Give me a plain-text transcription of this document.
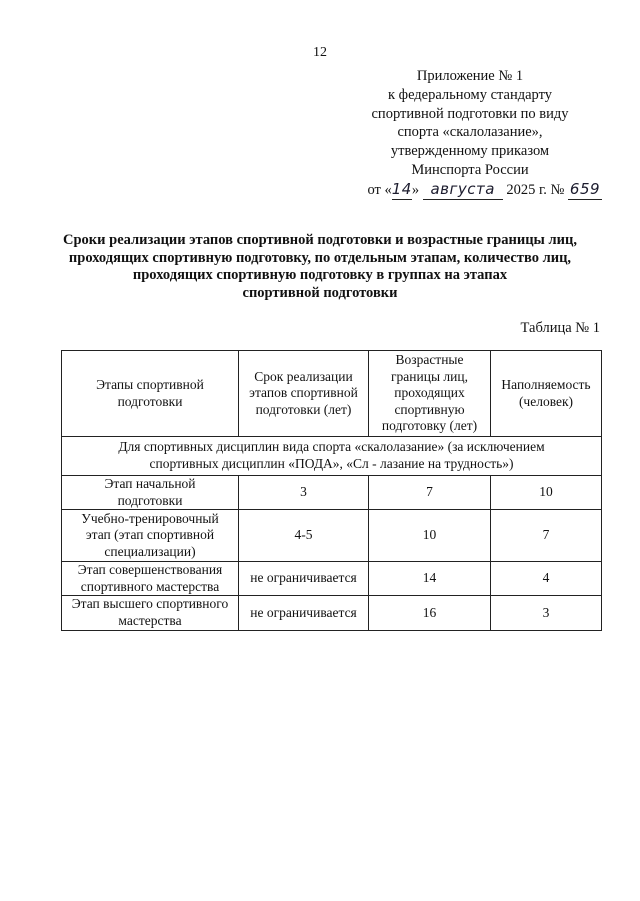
12
Приложение № 1
к федеральному стандарту
спортивной подготовки по виду
спорта «скалолазание»,
утвержденному приказом
Минспорта России
от «14» августа 2025 г. № 659
Сроки реализации этапов спортивной подготовки и возрастные границы лиц,
проходящих спортивную подготовку, по отдельным этапам, количество лиц,
проходящих спортивную подготовку в группах на этапах
спортивной подготовки
Таблица № 1
Этапы спортивной
подготовки	Срок реализации
этапов спортивной
подготовки (лет)	Возрастные
границы лиц,
проходящих
спортивную
подготовку (лет)	Наполняемость
(человек)

Для спортивных дисциплин вида спорта «скалолазание» (за исключением
спортивных дисциплин «ПОДА», «Сл - лазание на трудность»)			

Этап начальной
подготовки	3	7	10

Учебно-тренировочный
этап (этап спортивной
специализации)	4-5	10	7

Этап совершенствования
спортивного мастерства	не ограничивается	14	4

Этап высшего спортивного
мастерства	не ограничивается	16	3
